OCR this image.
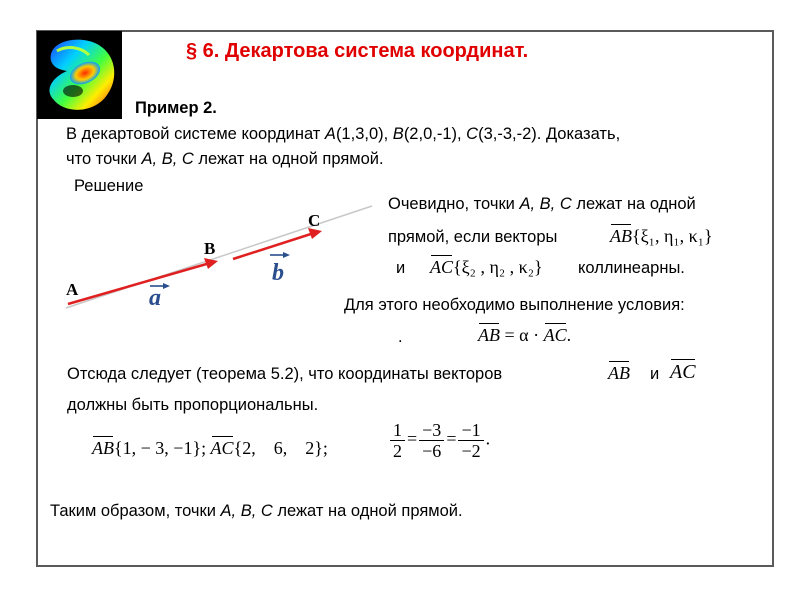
§ 6. Декартова система координат.
Пример 2.
В декартовой системе координат A(1,3,0), B(2,0,-1), C(3,-3,-2). Доказать,
что точки A, B, C лежат на одной прямой.
Решение
A
B
C
a
b
Очевидно, точки A, B, C лежат на одной
прямой, если векторы	AB{ξ₁, η₁, κ₁}
и AC{ξ₂ , η₂ , κ₂} коллинеарны.
Для этого необходимо выполнение условия:
.	AB = α · AC.
Отсюда следует (теорема 5.2), что координаты векторов	AB и AC
должны быть пропорциональны.
AB{1, − 3, −1}; AC{2,    6,    2};	$\frac{1}{2} = \frac{-3}{-6} = \frac{-1}{-2}$ .
Таким образом, точки A, B, C лежат на одной прямой.
